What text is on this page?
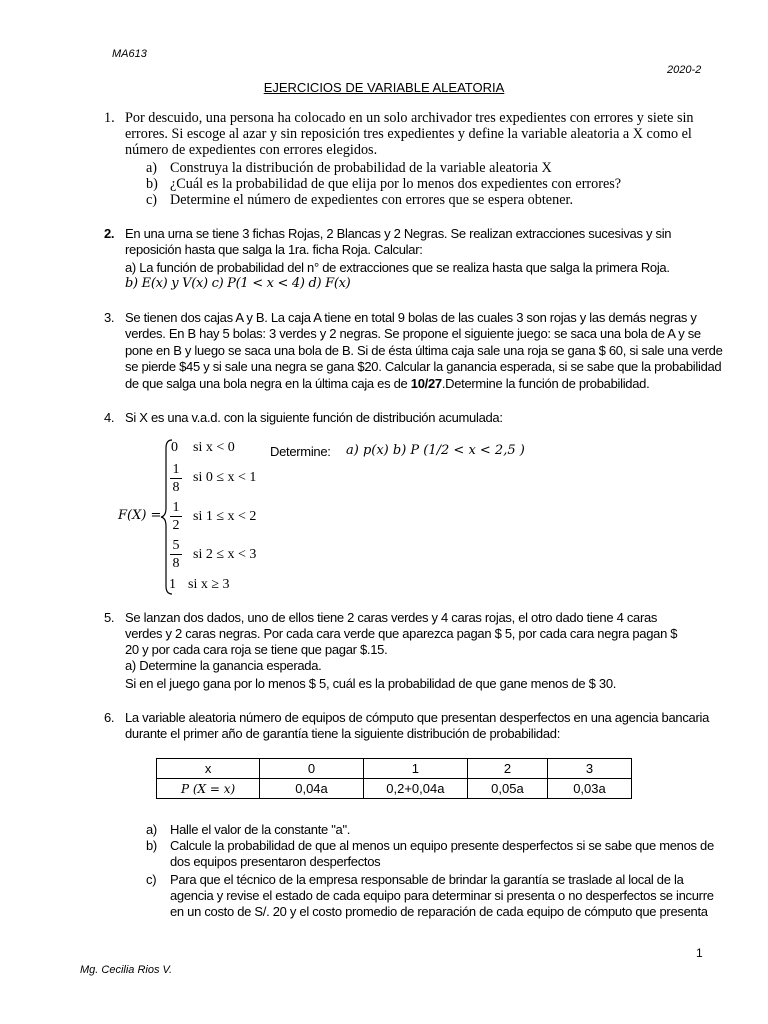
MA613
2020-2
EJERCICIOS DE VARIABLE ALEATORIA
1. Por descuido, una persona ha colocado en un solo archivador tres expedientes con errores y siete sin
errores. Si escoge al azar y sin reposición tres expedientes y define la variable aleatoria a X como el
número de expedientes con errores elegidos.
a) Construya la distribución de probabilidad de la variable aleatoria X
b) ¿Cuál es la probabilidad de que elija por lo menos dos expedientes con errores?
c) Determine el número de expedientes con errores que se espera obtener.
2. En una urna se tiene 3 fichas Rojas, 2 Blancas y 2 Negras. Se realizan extracciones sucesivas y sin
reposición hasta que salga la 1ra. ficha Roja. Calcular:
a) La función de probabilidad del n° de extracciones que se realiza hasta que salga la primera Roja.
b) E(x) y V(x) c) P(1 < x < 4) d) F(x)
3. Se tienen dos cajas A y B. La caja A tiene en total 9 bolas de las cuales 3 son rojas y las demás negras y
verdes. En B hay 5 bolas: 3 verdes y 2 negras. Se propone el siguiente juego: se saca una bola de A y se
pone en B y luego se saca una bola de B. Si de ésta última caja sale una roja se gana $ 60, si sale una verde
se pierde $45 y si sale una negra se gana $20. Calcular la ganancia esperada, si se sabe que la probabilidad
de que salga una bola negra en la última caja es de 10/27.Determine la función de probabilidad.
4. Si X es una v.a.d. con la siguiente función de distribución acumulada:
F(X) =
0 si x < 0
1
8
si 0 ≤ x < 1
1
2
si 1 ≤ x < 2
5
8
si 2 ≤ x < 3
1 si x ≥ 3
Determine: a) p(x) b) P (1/2 < x < 2,5 )
5. Se lanzan dos dados, uno de ellos tiene 2 caras verdes y 4 caras rojas, el otro dado tiene 4 caras
verdes y 2 caras negras. Por cada cara verde que aparezca pagan $ 5, por cada cara negra pagan $
20 y por cada cara roja se tiene que pagar $.15.
a) Determine la ganancia esperada.
Si en el juego gana por lo menos $ 5, cuál es la probabilidad de que gane menos de $ 30.
6. La variable aleatoria número de equipos de cómputo que presentan desperfectos en una agencia bancaria
durante el primer año de garantía tiene la siguiente distribución de probabilidad:
x	0	1	2	3
P (X = x)	0,04a	0,2+0,04a	0,05a	0,03a
a) Halle el valor de la constante "a".
b) Calcule la probabilidad de que al menos un equipo presente desperfectos si se sabe que menos de
dos equipos presentaron desperfectos
c) Para que el técnico de la empresa responsable de brindar la garantía se traslade al local de la
agencia y revise el estado de cada equipo para determinar si presenta o no desperfectos se incurre
en un costo de S/. 20 y el costo promedio de reparación de cada equipo de cómputo que presenta
1
Mg. Cecilia Rios V.
